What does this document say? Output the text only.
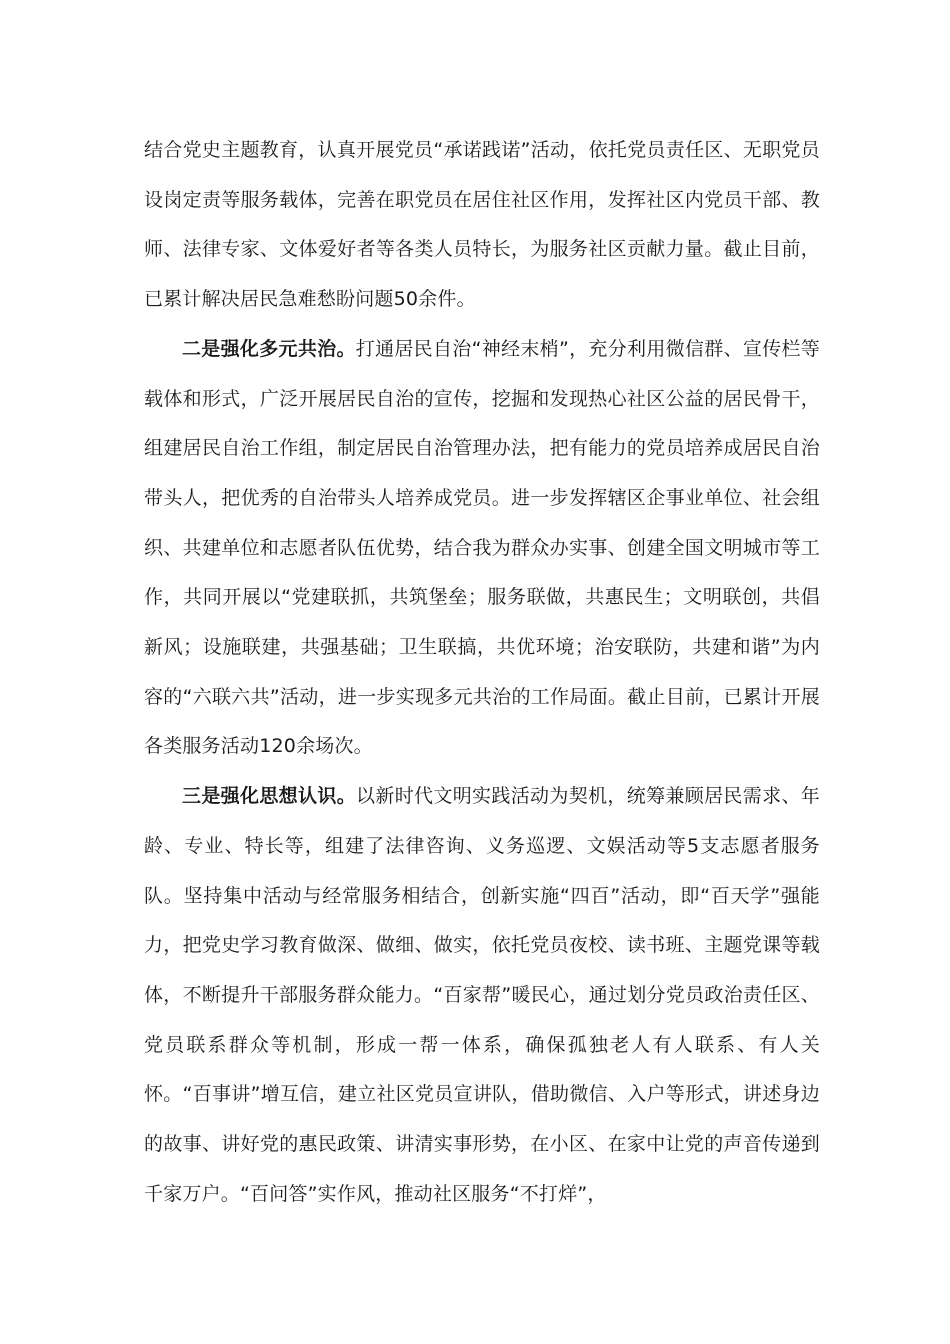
结合党史主题教育，认真开展党员“承诺践诺”活动，依托党员责任区、无职党员设岗定责等服务载体，完善在职党员在居住社区作用，发挥社区内党员干部、教师、法律专家、文体爱好者等各类人员特长，为服务社区贡献力量。截止目前，已累计解决居民急难愁盼问题50余件。

二是强化多元共治。打通居民自治“神经末梢”，充分利用微信群、宣传栏等载体和形式，广泛开展居民自治的宣传，挖掘和发现热心社区公益的居民骨干，组建居民自治工作组，制定居民自治管理办法，把有能力的党员培养成居民自治带头人，把优秀的自治带头人培养成党员。进一步发挥辖区企事业单位、社会组织、共建单位和志愿者队伍优势，结合我为群众办实事、创建全国文明城市等工作，共同开展以“党建联抓，共筑堡垒；服务联做，共惠民生；文明联创，共倡新风；设施联建，共强基础；卫生联搞，共优环境；治安联防，共建和谐”为内容的“六联六共”活动，进一步实现多元共治的工作局面。截止目前，已累计开展各类服务活动120余场次。

三是强化思想认识。以新时代文明实践活动为契机，统筹兼顾居民需求、年龄、专业、特长等，组建了法律咨询、义务巡逻、文娱活动等5支志愿者服务队。坚持集中活动与经常服务相结合，创新实施“四百”活动，即“百天学”强能力，把党史学习教育做深、做细、做实，依托党员夜校、读书班、主题党课等载体，不断提升干部服务群众能力。“百家帮”暖民心，通过划分党员政治责任区、党员联系群众等机制，形成一帮一体系，确保孤独老人有人联系、有人关怀。“百事讲”增互信，建立社区党员宣讲队，借助微信、入户等形式，讲述身边的故事、讲好党的惠民政策、讲清实事形势，在小区、在家中让党的声音传递到千家万户。“百问答”实作风，推动社区服务“不打烊”，
